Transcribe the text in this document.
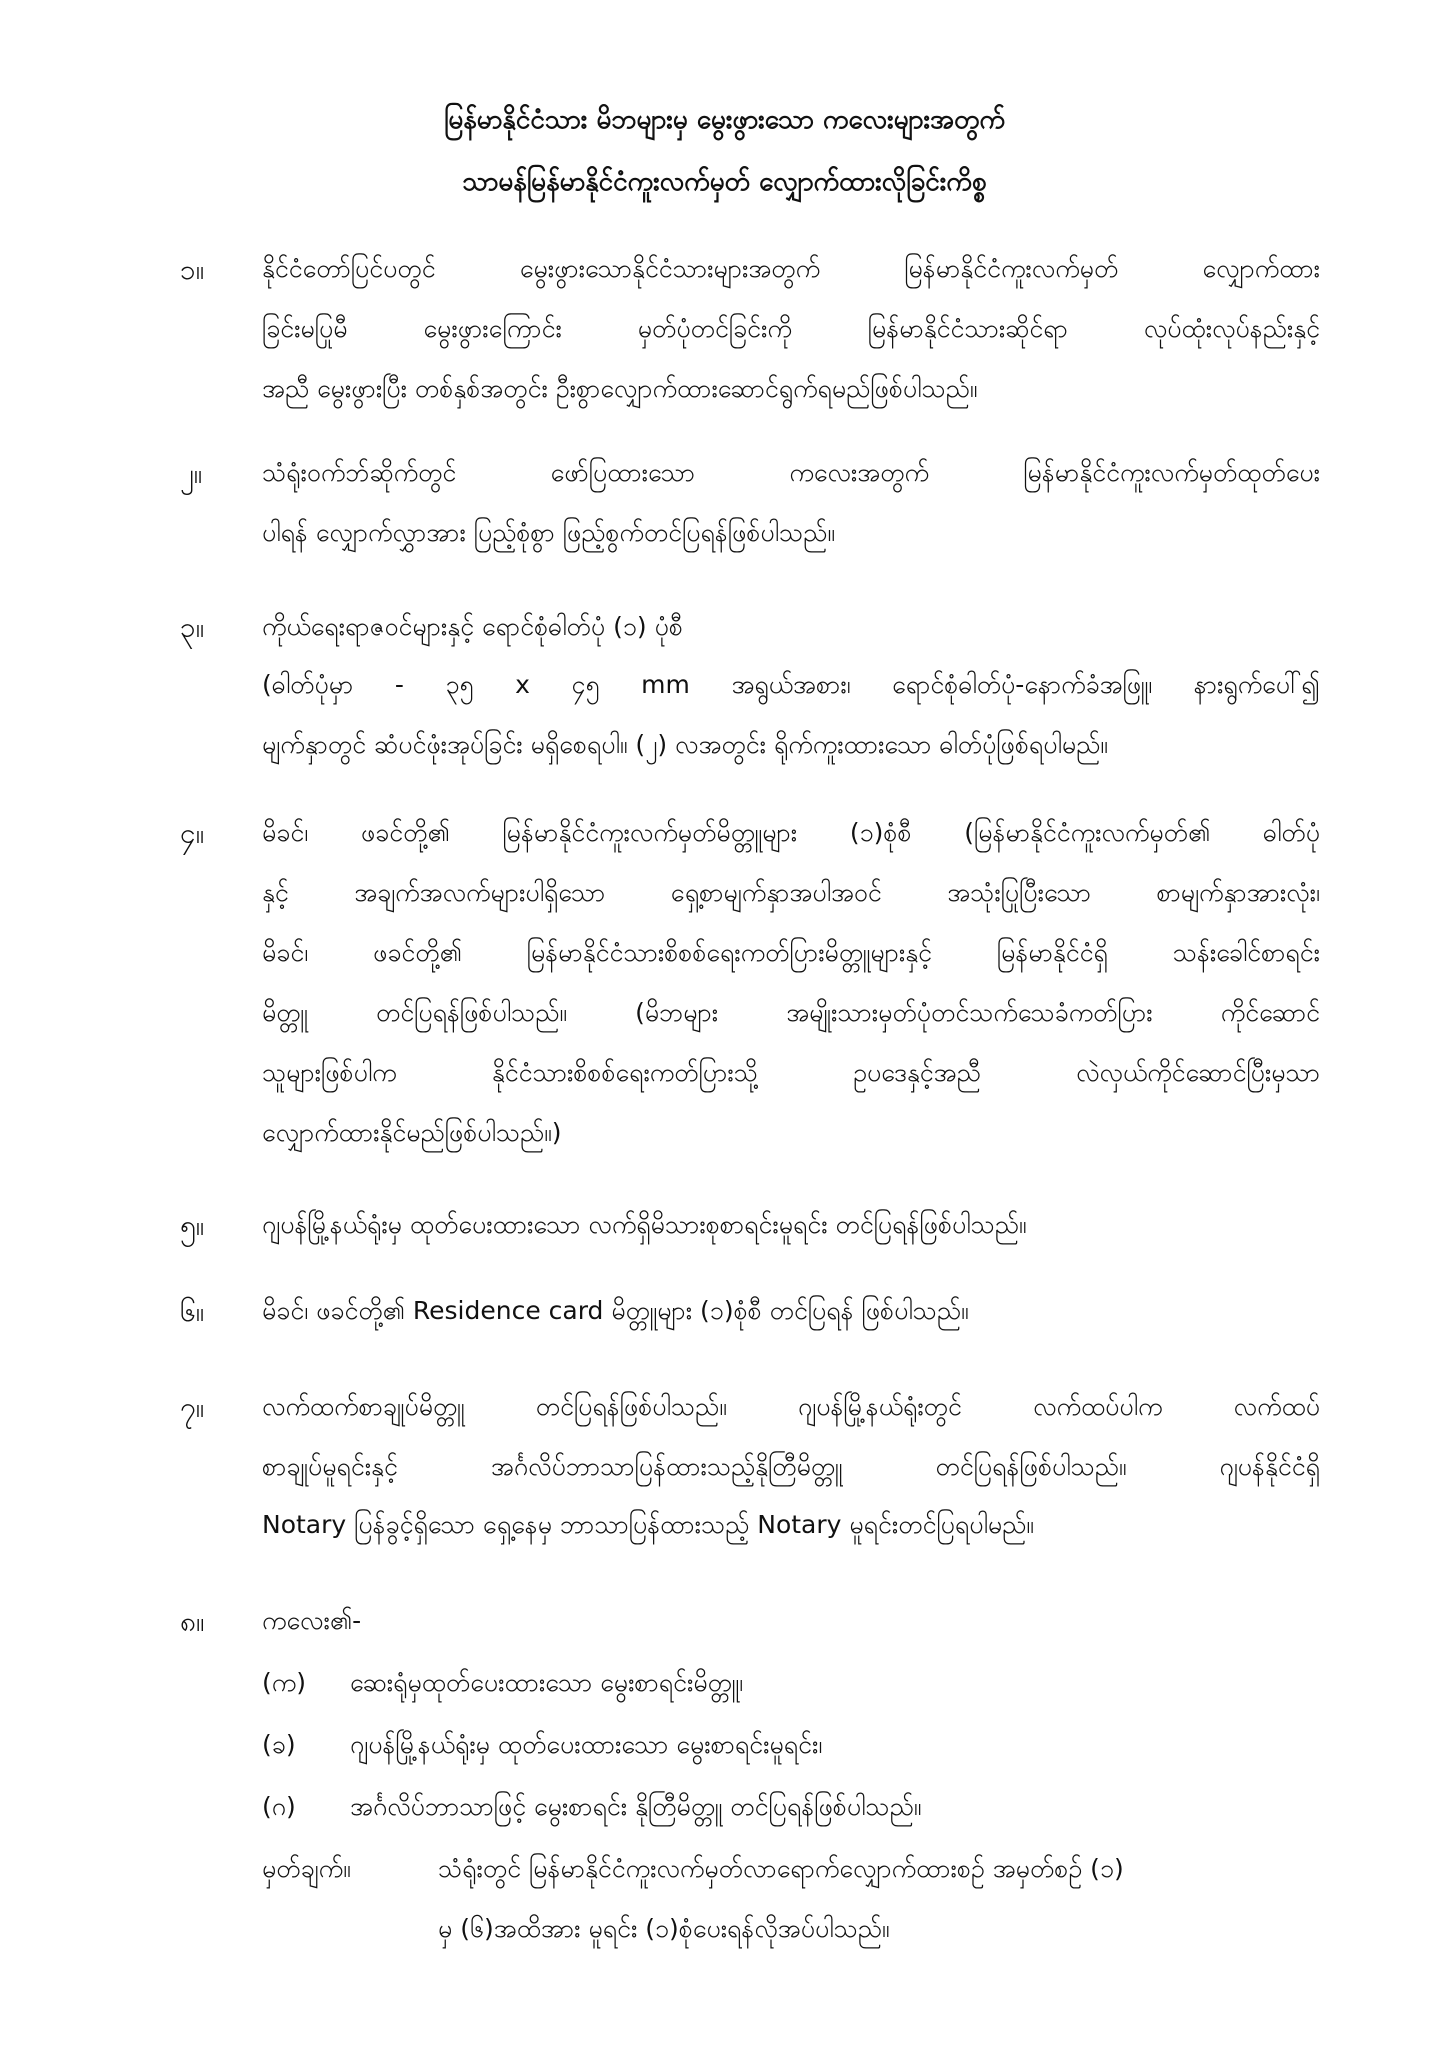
မြန်မာနိုင်ငံသား မိဘများမှ မွေးဖွားသော ကလေးများအတွက်
သာမန်မြန်မာနိုင်ငံကူးလက်မှတ် လျှောက်ထားလိုခြင်းကိစ္စ
၁။ နိုင်ငံတော်ပြင်ပတွင် မွေးဖွားသောနိုင်ငံသားများအတွက် မြန်မာနိုင်ငံကူးလက်မှတ် လျှောက်ထား
ခြင်းမပြုမီ မွေးဖွားကြောင်း မှတ်ပုံတင်ခြင်းကို မြန်မာနိုင်ငံသားဆိုင်ရာ လုပ်ထုံးလုပ်နည်းနှင့်
အညီ မွေးဖွားပြီး တစ်နှစ်အတွင်း ဦးစွာလျှောက်ထားဆောင်ရွက်ရမည်ဖြစ်ပါသည်။
၂။ သံရုံးဝက်ဘ်ဆိုက်တွင် ဖော်ပြထားသော ကလေးအတွက် မြန်မာနိုင်ငံကူးလက်မှတ်ထုတ်ပေး
ပါရန် လျှောက်လွှာအား ပြည့်စုံစွာ ဖြည့်စွက်တင်ပြရန်ဖြစ်ပါသည်။
၃။ ကိုယ်ရေးရာဇဝင်များနှင့် ရောင်စုံဓါတ်ပုံ (၁) ပုံစီ
(ဓါတ်ပုံမှာ - ၃၅ x ၄၅ mm အရွယ်အစား၊ ရောင်စုံဓါတ်ပုံ-နောက်ခံအဖြူ၊ နားရွက်ပေါ်၍
မျက်နှာတွင် ဆံပင်ဖုံးအုပ်ခြင်း မရှိစေရပါ။ (၂) လအတွင်း ရိုက်ကူးထားသော ဓါတ်ပုံဖြစ်ရပါမည်။
၄။ မိခင်၊ ဖခင်တို့၏ မြန်မာနိုင်ငံကူးလက်မှတ်မိတ္တူများ (၁)စုံစီ (မြန်မာနိုင်ငံကူးလက်မှတ်၏ ဓါတ်ပုံ
နှင့် အချက်အလက်များပါရှိသော ရှေ့စာမျက်နှာအပါအဝင် အသုံးပြုပြီးသော စာမျက်နှာအားလုံး၊
မိခင်၊ ဖခင်တို့၏ မြန်မာနိုင်ငံသားစိစစ်ရေးကတ်ပြားမိတ္တူများနှင့် မြန်မာနိုင်ငံရှိ သန်းခေါင်စာရင်း
မိတ္တူ တင်ပြရန်ဖြစ်ပါသည်။ (မိဘများ အမျိုးသားမှတ်ပုံတင်သက်သေခံကတ်ပြား ကိုင်ဆောင်
သူများဖြစ်ပါက နိုင်ငံသားစိစစ်ရေးကတ်ပြားသို့ ဥပဒေနှင့်အညီ လဲလှယ်ကိုင်ဆောင်ပြီးမှသာ
လျှောက်ထားနိုင်မည်ဖြစ်ပါသည်။)
၅။ ဂျပန်မြို့နယ်ရုံးမှ ထုတ်ပေးထားသော လက်ရှိမိသားစုစာရင်းမူရင်း တင်ပြရန်ဖြစ်ပါသည်။
၆။ မိခင်၊ ဖခင်တို့၏ Residence card မိတ္တူများ (၁)စုံစီ တင်ပြရန် ဖြစ်ပါသည်။
၇။ လက်ထက်စာချုပ်မိတ္တူ တင်ပြရန်ဖြစ်ပါသည်။ ဂျပန်မြို့နယ်ရုံးတွင် လက်ထပ်ပါက လက်ထပ်
စာချုပ်မူရင်းနှင့် အင်္ဂလိပ်ဘာသာပြန်ထားသည့်နိုတြီမိတ္တူ တင်ပြရန်ဖြစ်ပါသည်။ ဂျပန်နိုင်ငံရှိ
Notary ပြန်ခွင့်ရှိသော ရှေ့နေမှ ဘာသာပြန်ထားသည့် Notary မူရင်းတင်ပြရပါမည်။
၈။ ကလေး၏-
(က) ဆေးရုံမှထုတ်ပေးထားသော မွေးစာရင်းမိတ္တူ၊
(ခ) ဂျပန်မြို့နယ်ရုံးမှ ထုတ်ပေးထားသော မွေးစာရင်းမူရင်း၊
(ဂ) အင်္ဂလိပ်ဘာသာဖြင့် မွေးစာရင်း နိုတြီမိတ္တူ တင်ပြရန်ဖြစ်ပါသည်။
မှတ်ချက်။	သံရုံးတွင် မြန်မာနိုင်ငံကူးလက်မှတ်လာရောက်လျှောက်ထားစဉ် အမှတ်စဉ် (၁)
မှ (၆)အထိအား မူရင်း (၁)စုံပေးရန်လိုအပ်ပါသည်။
